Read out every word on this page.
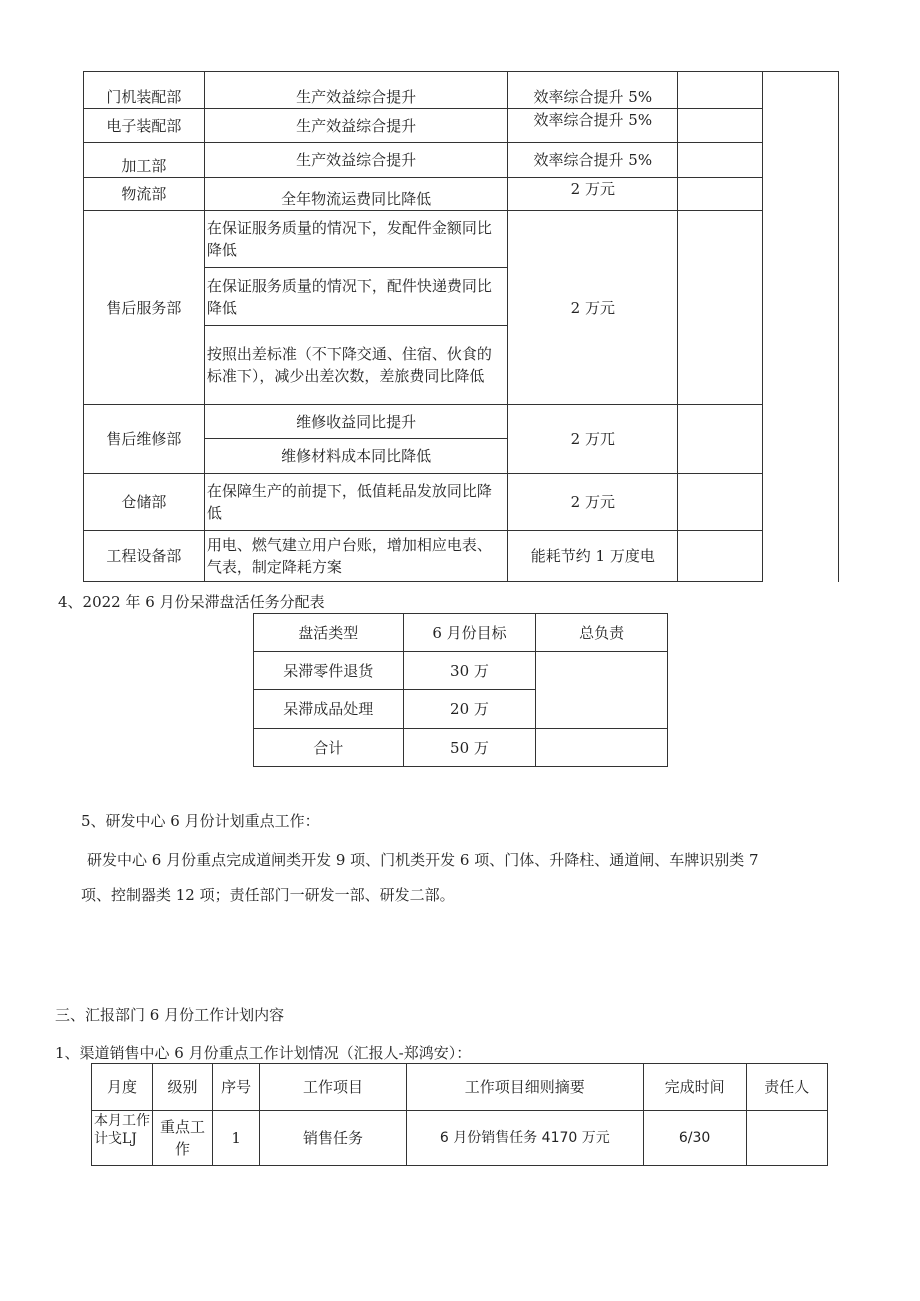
门机装配部	生产效益综合提升	效率综合提升 5%		
电子装配部	生产效益综合提升	效率综合提升 5%		
加工部	生产效益综合提升	效率综合提升 5%		
物流部	全年物流运费同比降低	2 万元		
售后服务部	在保证服务质量的情况下，发配件金额同比降低	2 万元		
	在保证服务质量的情况下，配件快递费同比降低			
	按照出差标准（不下降交通、住宿、伙食的标准下），减少出差次数，差旅费同比降低			
售后维修部	维修收益同比提升	2 万兀		
	维修材料成本同比降低			
仓储部	在保障生产的前提下，低值耗品发放同比降低	2 万元		
工程设备部	用电、燃气建立用户台账，增加相应电表、气表，制定降耗方案	能耗节约 1 万度电		
4、2022 年 6 月份呆滞盘活任务分配表
盘活类型	6 月份目标	总负责
呆滞零件退货	30 万	
呆滞成品处理	20 万	
合计	50 万	
5、研发中心 6 月份计划重点工作：
研发中心 6 月份重点完成道闸类开发 9 项、门机类开发 6 项、门体、升降柱、通道闸、车牌识别类 7
项、控制器类 12 项；责任部门一研发一部、研发二部。
三、汇报部门 6 月份工作计划内容
1、渠道销售中心 6 月份重点工作计划情况（汇报人-郑鸿安）：
月度	级别	序号	工作项目	工作项目细则摘要	完成时间	责任人
本月工作计戈LJ	重点工作	1	销售任务	6 月份销售任务 4170 万元	6/30	
